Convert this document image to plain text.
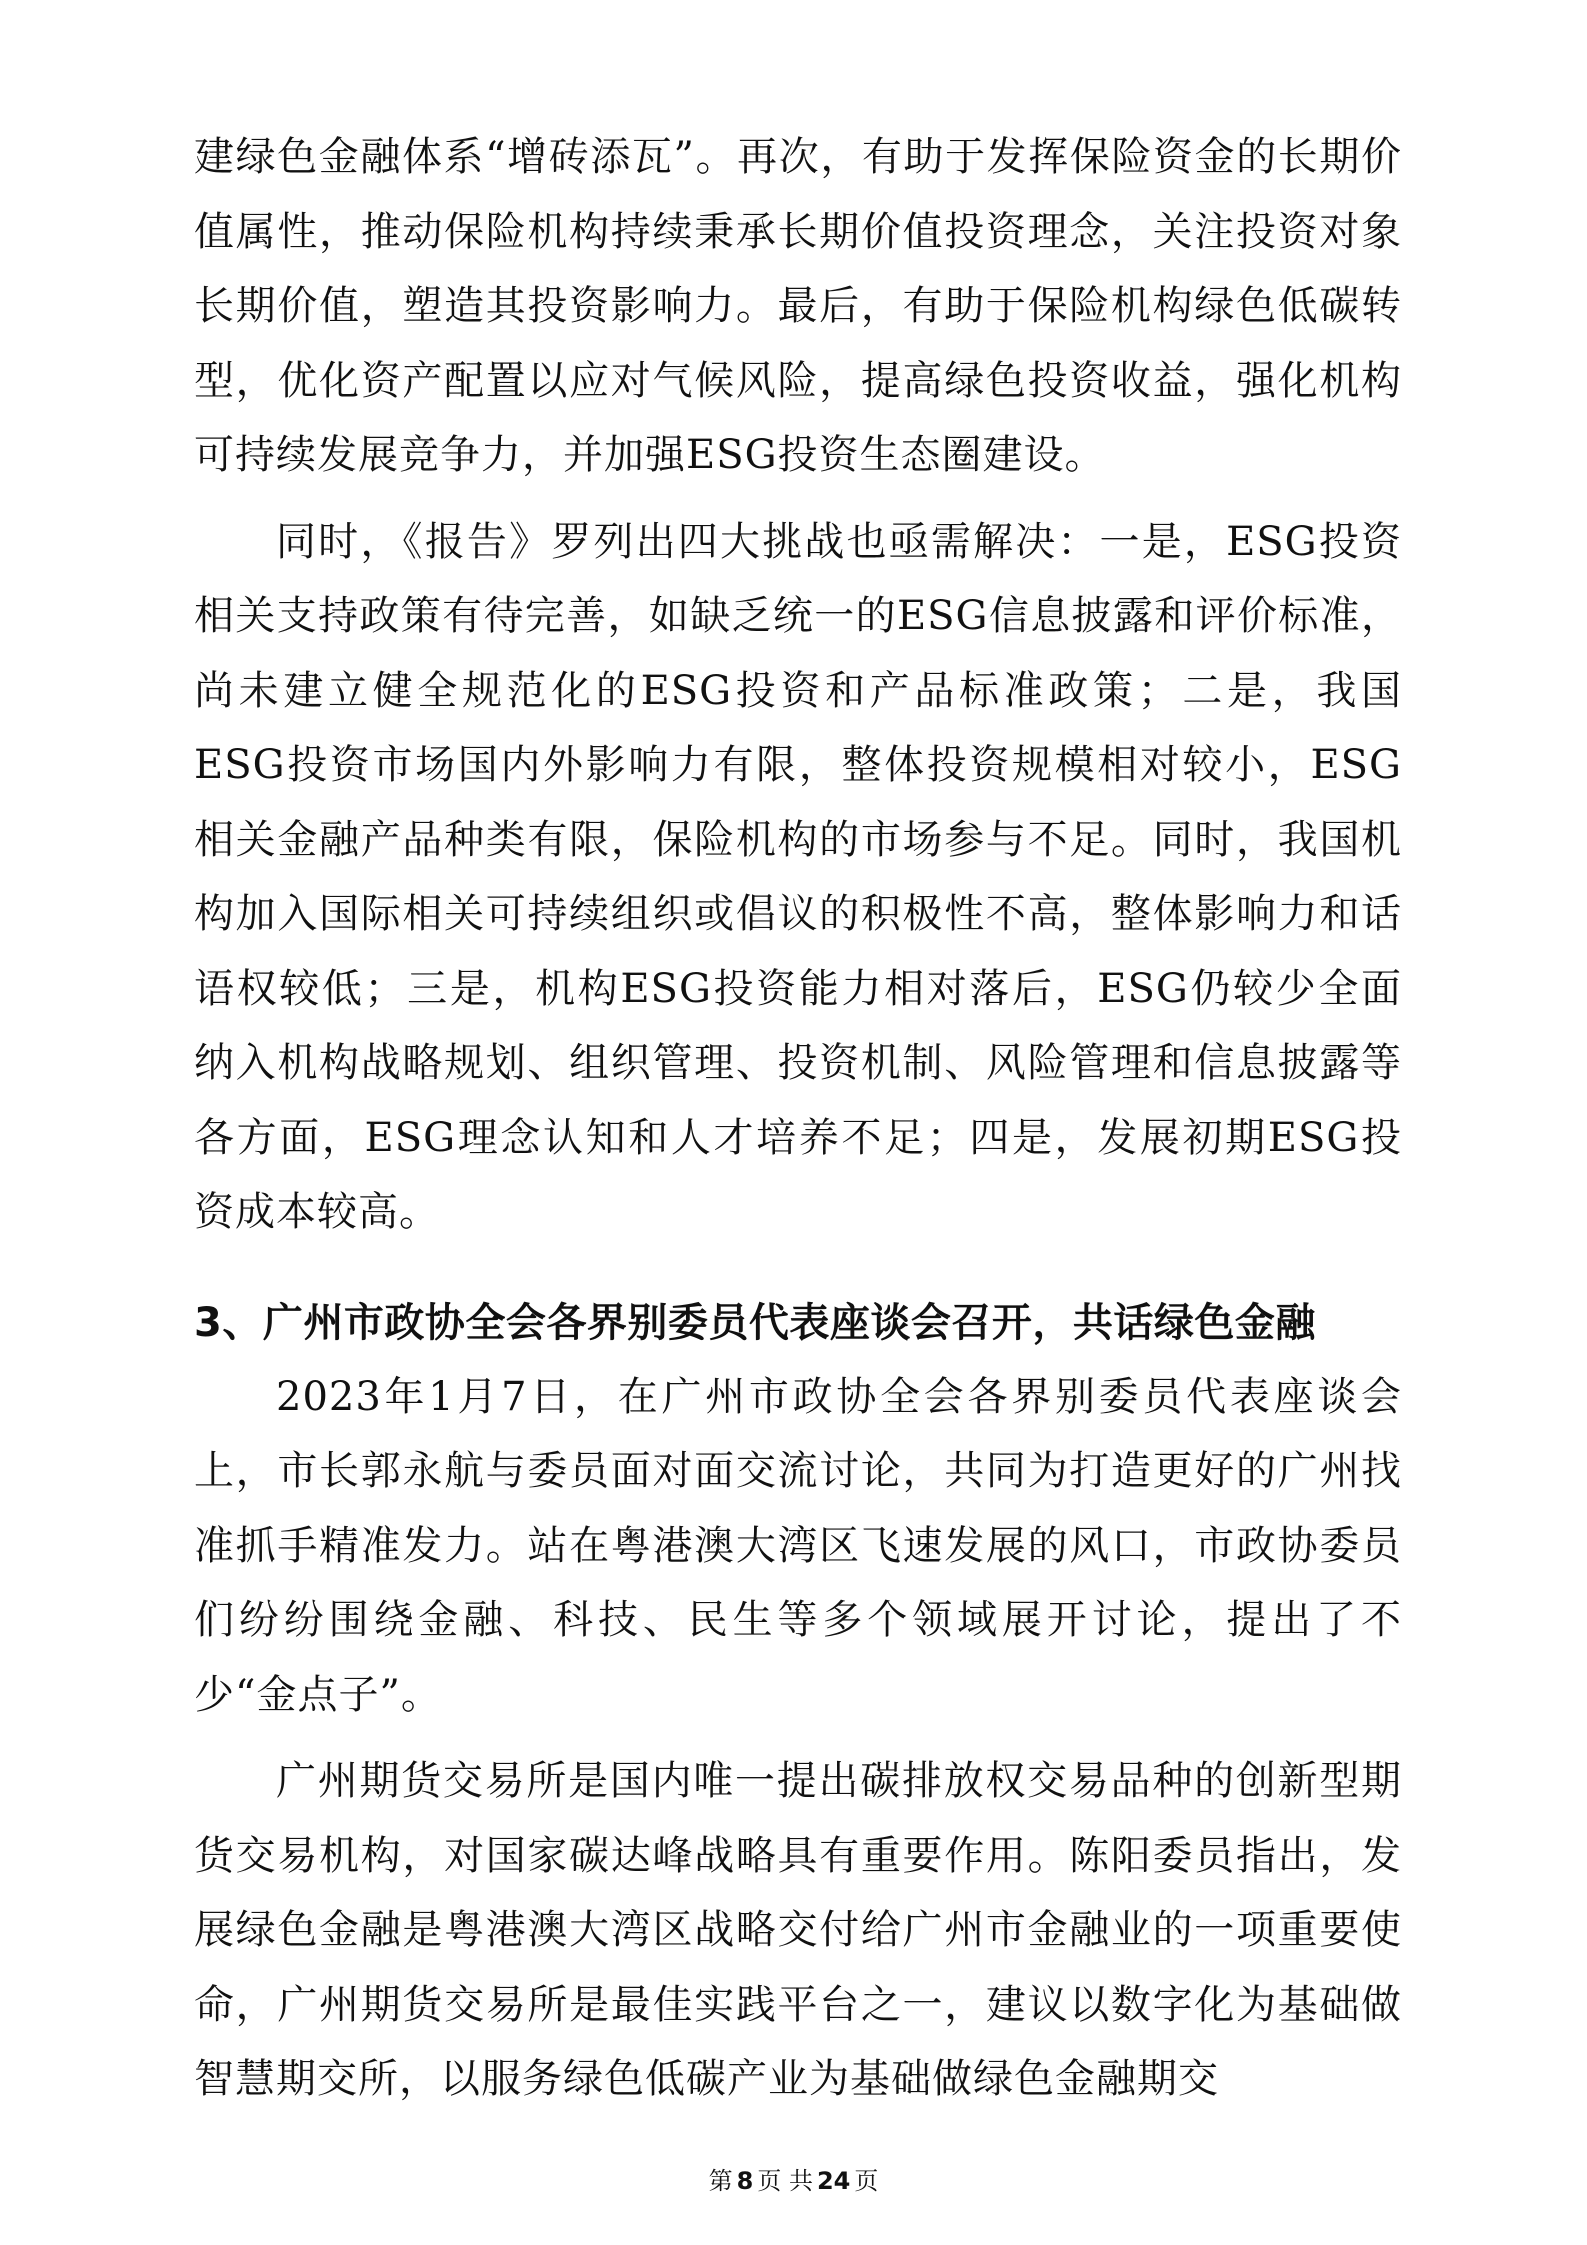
建绿色金融体系“增砖添瓦”。再次，有助于发挥保险资金的长期价值属性，推动保险机构持续秉承长期价值投资理念，关注投资对象长期价值，塑造其投资影响力。最后，有助于保险机构绿色低碳转型，优化资产配置以应对气候风险，提高绿色投资收益，强化机构可持续发展竞争力，并加强ESG投资生态圈建设。

同时，《报告》罗列出四大挑战也亟需解决：一是，ESG投资相关支持政策有待完善，如缺乏统一的ESG信息披露和评价标准，尚未建立健全规范化的ESG投资和产品标准政策；二是，我国ESG投资市场国内外影响力有限，整体投资规模相对较小，ESG相关金融产品种类有限，保险机构的市场参与不足。同时，我国机构加入国际相关可持续组织或倡议的积极性不高，整体影响力和话语权较低；三是，机构ESG投资能力相对落后，ESG仍较少全面纳入机构战略规划、组织管理、投资机制、风险管理和信息披露等各方面，ESG理念认知和人才培养不足；四是，发展初期ESG投资成本较高。

3、广州市政协全会各界别委员代表座谈会召开，共话绿色金融

2023年1月7日，在广州市政协全会各界别委员代表座谈会上，市长郭永航与委员面对面交流讨论，共同为打造更好的广州找准抓手精准发力。站在粤港澳大湾区飞速发展的风口，市政协委员们纷纷围绕金融、科技、民生等多个领域展开讨论，提出了不少“金点子”。

广州期货交易所是国内唯一提出碳排放权交易品种的创新型期货交易机构，对国家碳达峰战略具有重要作用。陈阳委员指出，发展绿色金融是粤港澳大湾区战略交付给广州市金融业的一项重要使命，广州期货交易所是最佳实践平台之一，建议以数字化为基础做智慧期交所，以服务绿色低碳产业为基础做绿色金融期交

第 8 页 共 24 页
